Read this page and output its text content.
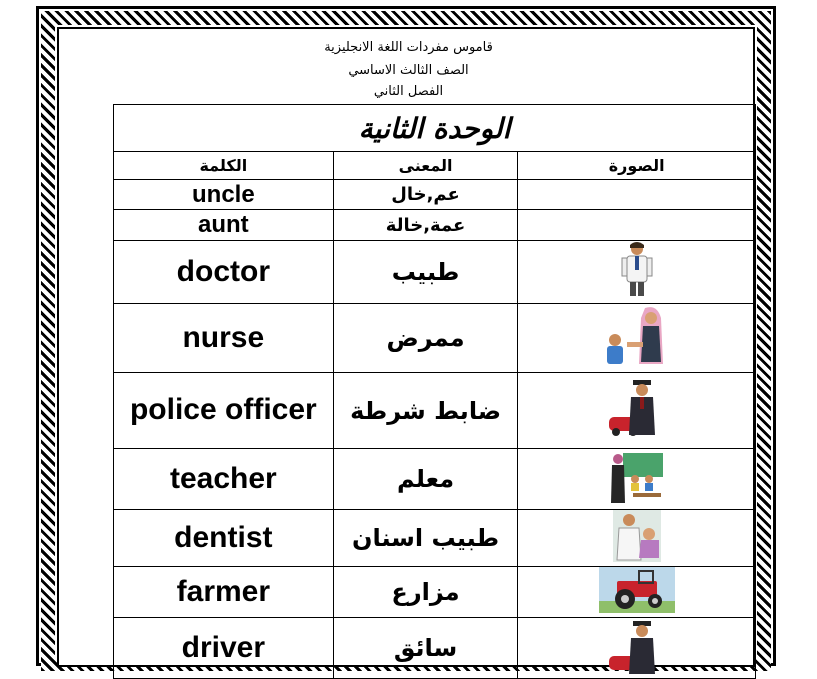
قاموس مفردات اللغة الانجليزية
الصف الثالث الاساسي
الفصل الثاني
الوحدة الثانية		
الكلمة	المعنى	الصورة
uncle	عم,خال	
aunt	عمة,خالة	
doctor	طبيب	
nurse	ممرض	
police officer	ضابط شرطة	
teacher	معلم	
dentist	طبيب اسنان	
farmer	مزارع	
driver	سائق	
